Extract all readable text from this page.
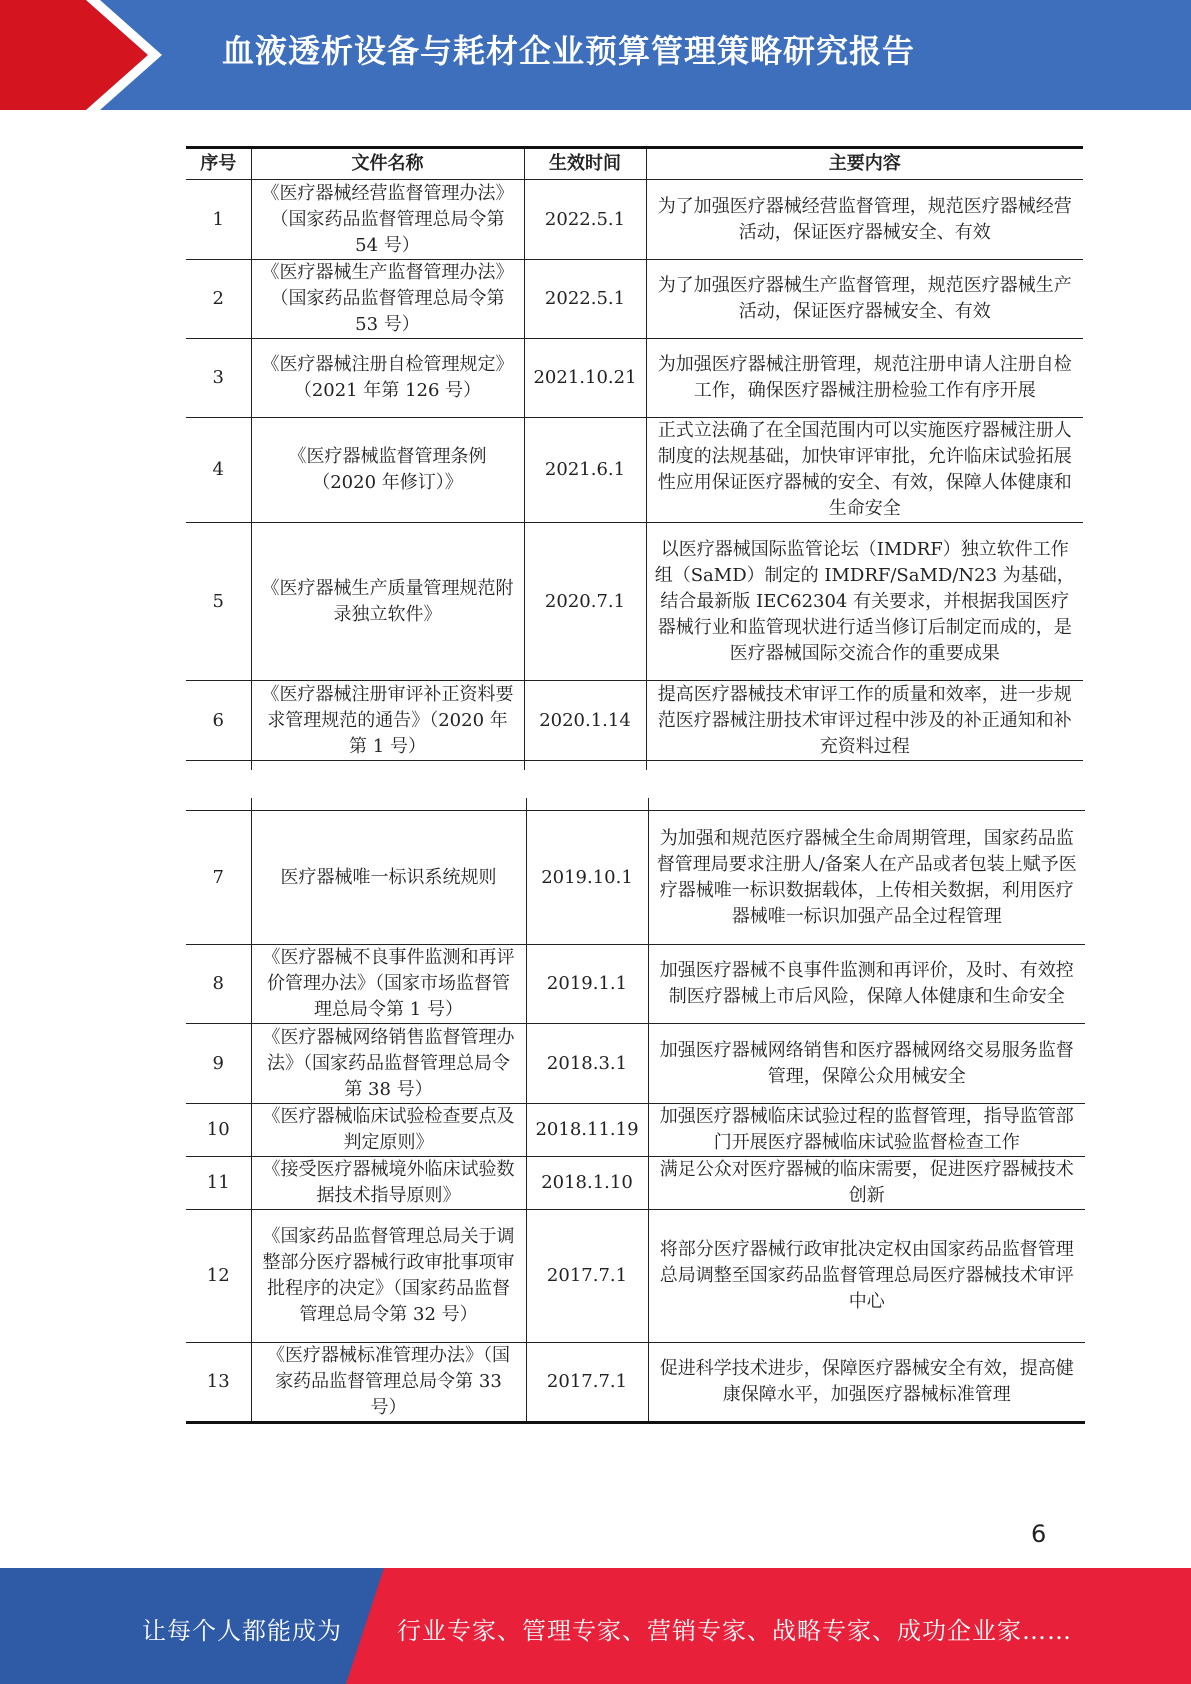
血液透析设备与耗材企业预算管理策略研究报告
序号	文件名称	生效时间	主要内容
1	《医疗器械经营监督管理办法》（国家药品监督管理总局令第 54 号）	2022.5.1	为了加强医疗器械经营监督管理，规范医疗器械经营活动，保证医疗器械安全、有效
2	《医疗器械生产监督管理办法》（国家药品监督管理总局令第 53 号）	2022.5.1	为了加强医疗器械生产监督管理，规范医疗器械生产活动，保证医疗器械安全、有效
3	《医疗器械注册自检管理规定》（2021 年第 126 号）	2021.10.21	为加强医疗器械注册管理，规范注册申请人注册自检工作，确保医疗器械注册检验工作有序开展
4	《医疗器械监督管理条例（2020 年修订）》	2021.6.1	正式立法确了在全国范围内可以实施医疗器械注册人制度的法规基础，加快审评审批，允许临床试验拓展性应用保证医疗器械的安全、有效，保障人体健康和生命安全
5	《医疗器械生产质量管理规范附录独立软件》	2020.7.1	以医疗器械国际监管论坛（IMDRF）独立软件工作组（SaMD）制定的 IMDRF/SaMD/N23 为基础，结合最新版 IEC62304 有关要求，并根据我国医疗器械行业和监管现状进行适当修订后制定而成的，是医疗器械国际交流合作的重要成果
6	《医疗器械注册审评补正资料要求管理规范的通告》（2020 年第 1 号）	2020.1.14	提高医疗器械技术审评工作的质量和效率，进一步规范医疗器械注册技术审评过程中涉及的补正通知和补充资料过程
7	医疗器械唯一标识系统规则	2019.10.1	为加强和规范医疗器械全生命周期管理，国家药品监督管理局要求注册人/备案人在产品或者包装上赋予医疗器械唯一标识数据载体，上传相关数据，利用医疗器械唯一标识加强产品全过程管理
8	《医疗器械不良事件监测和再评价管理办法》（国家市场监督管理总局令第 1 号）	2019.1.1	加强医疗器械不良事件监测和再评价，及时、有效控制医疗器械上市后风险，保障人体健康和生命安全
9	《医疗器械网络销售监督管理办法》（国家药品监督管理总局令第 38 号）	2018.3.1	加强医疗器械网络销售和医疗器械网络交易服务监督管理，保障公众用械安全
10	《医疗器械临床试验检查要点及判定原则》	2018.11.19	加强医疗器械临床试验过程的监督管理，指导监管部门开展医疗器械临床试验监督检查工作
11	《接受医疗器械境外临床试验数据技术指导原则》	2018.1.10	满足公众对医疗器械的临床需要，促进医疗器械技术创新
12	《国家药品监督管理总局关于调整部分医疗器械行政审批事项审批程序的决定》（国家药品监督管理总局令第 32 号）	2017.7.1	将部分医疗器械行政审批决定权由国家药品监督管理总局调整至国家药品监督管理总局医疗器械技术审评中心
13	《医疗器械标准管理办法》（国家药品监督管理总局令第 33 号）	2017.7.1	促进科学技术进步，保障医疗器械安全有效，提高健康保障水平，加强医疗器械标准管理
6
让每个人都能成为 行业专家、管理专家、营销专家、战略专家、成功企业家……
